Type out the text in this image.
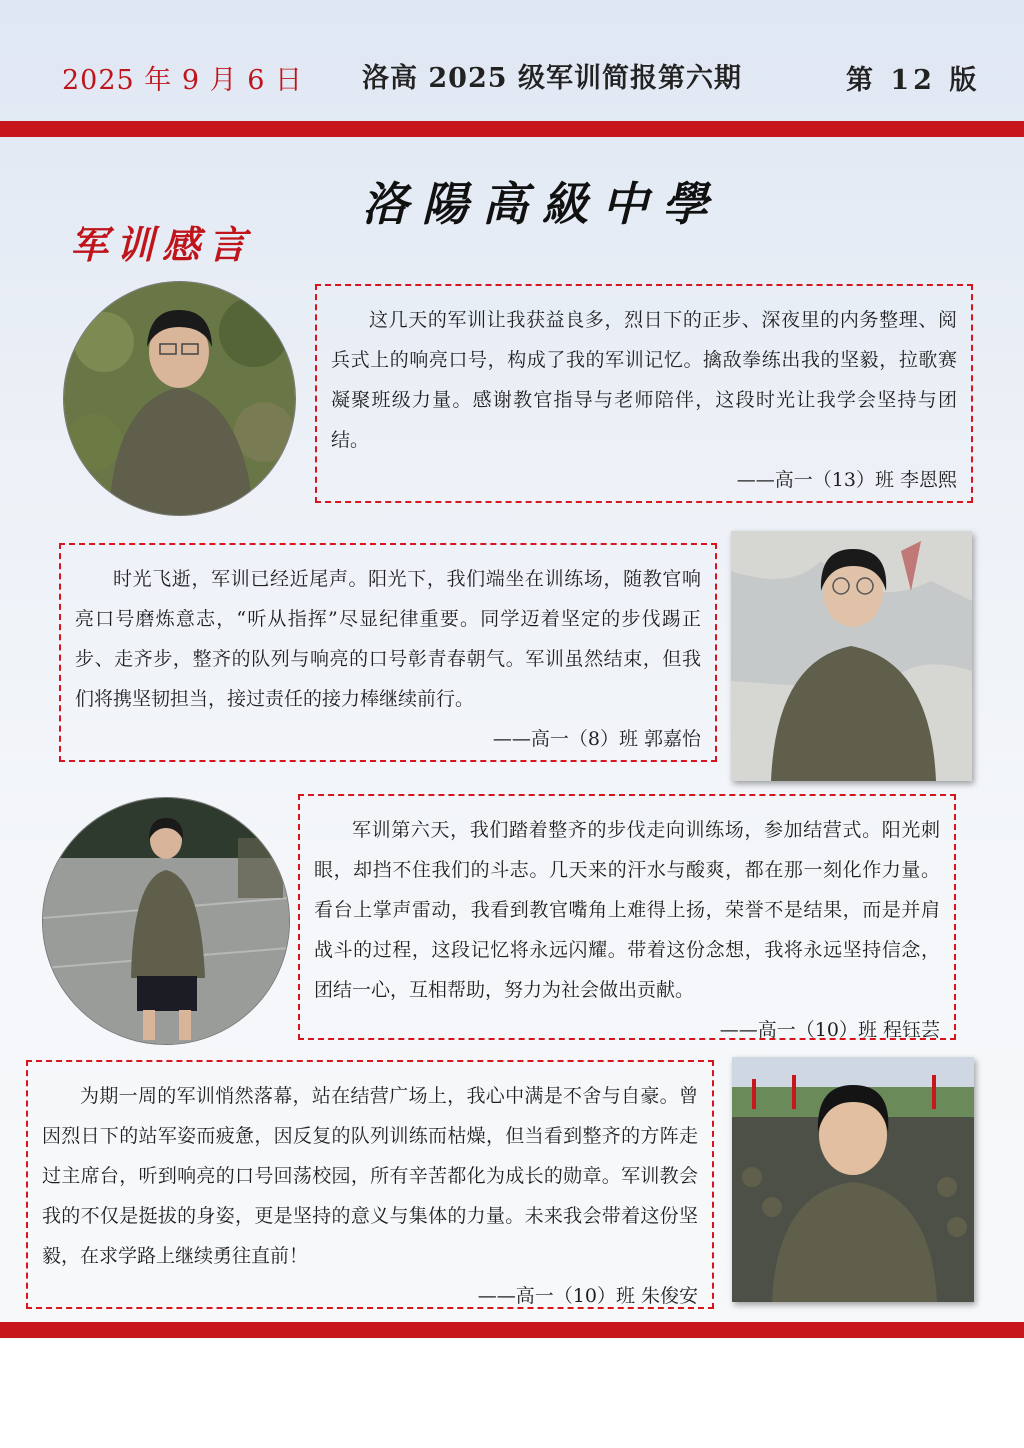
2025 年 9 月 6 日 洛高 2025 级军训简报第六期	第 12 版
洛陽高級中學
军训感言

这几天的军训让我获益良多，烈日下的正步、深夜里的内务整理、阅兵式上的响亮口号，构成了我的军训记忆。擒敌拳练出我的坚毅，拉歌赛凝聚班级力量。感谢教官指导与老师陪伴，这段时光让我学会坚持与团结。

——高一（13）班 李恩熙

时光飞逝，军训已经近尾声。阳光下，我们端坐在训练场，随教官响亮口号磨炼意志，“听从指挥”尽显纪律重要。同学迈着坚定的步伐踢正步、走齐步，整齐的队列与响亮的口号彰青春朝气。军训虽然结束，但我们将携坚韧担当，接过责任的接力棒继续前行。

——高一（8）班 郭嘉怡

军训第六天，我们踏着整齐的步伐走向训练场，参加结营式。阳光刺眼，却挡不住我们的斗志。几天来的汗水与酸爽，都在那一刻化作力量。看台上掌声雷动，我看到教官嘴角上难得上扬，荣誉不是结果，而是并肩战斗的过程，这段记忆将永远闪耀。带着这份念想，我将永远坚持信念，团结一心，互相帮助，努力为社会做出贡献。

——高一（10）班 程钰芸

为期一周的军训悄然落幕，站在结营广场上，我心中满是不舍与自豪。曾因烈日下的站军姿而疲惫，因反复的队列训练而枯燥，但当看到整齐的方阵走过主席台，听到响亮的口号回荡校园，所有辛苦都化为成长的勋章。军训教会我的不仅是挺拔的身姿，更是坚持的意义与集体的力量。未来我会带着这份坚毅，在求学路上继续勇往直前！

——高一（10）班 朱俊安
